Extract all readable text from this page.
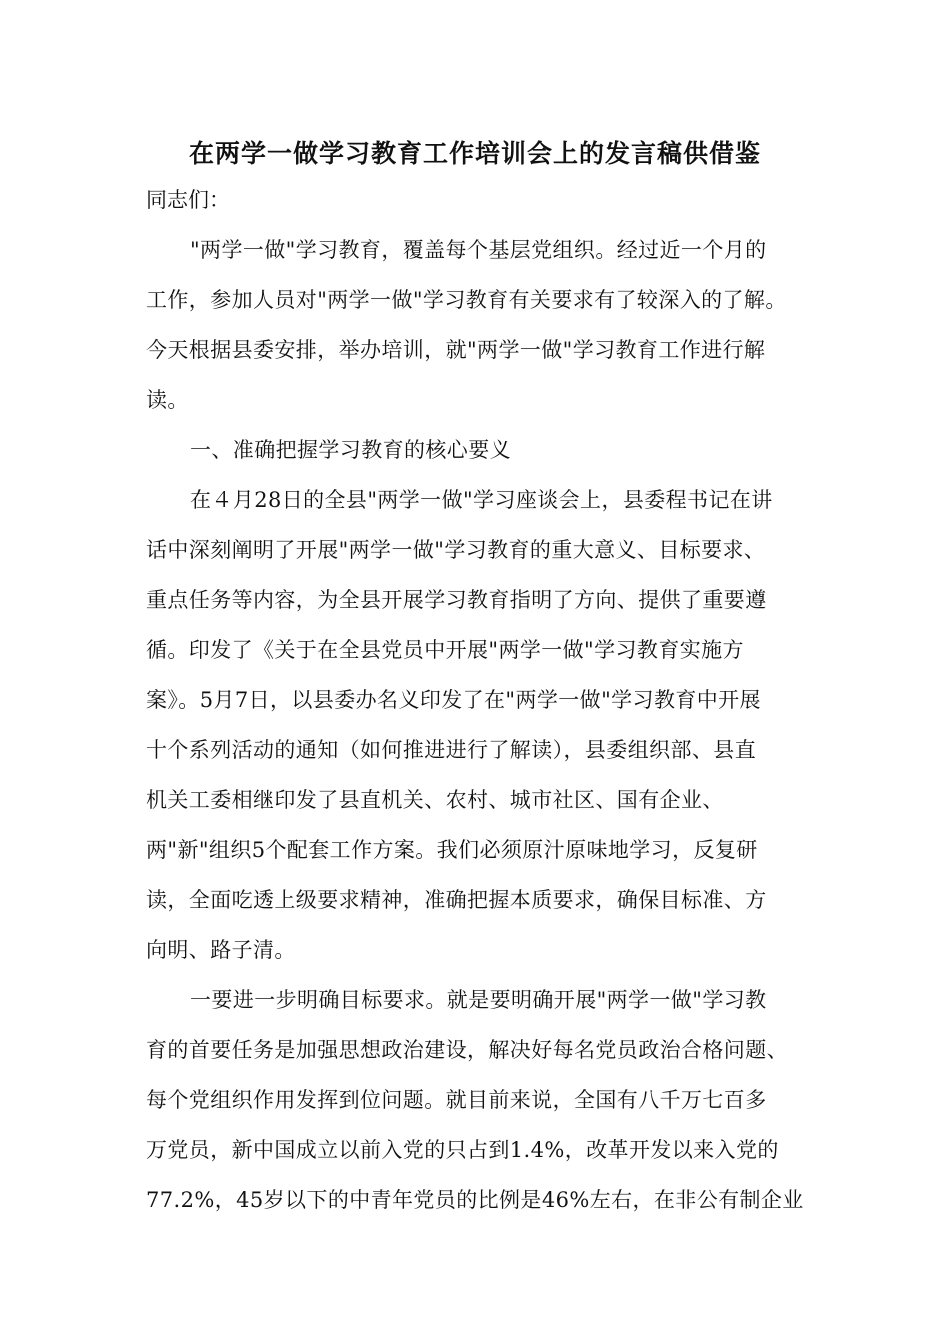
在两学一做学习教育工作培训会上的发言稿供借鉴
同志们：
"两学一做"学习教育，覆盖每个基层党组织。经过近一个月的
工作，参加人员对"两学一做"学习教育有关要求有了较深入的了解。
今天根据县委安排，举办培训，就"两学一做"学习教育工作进行解
读。
一、准确把握学习教育的核心要义
在４月28日的全县"两学一做"学习座谈会上，县委程书记在讲
话中深刻阐明了开展"两学一做"学习教育的重大意义、目标要求、
重点任务等内容，为全县开展学习教育指明了方向、提供了重要遵
循。印发了《关于在全县党员中开展"两学一做"学习教育实施方
案》。5月7日，以县委办名义印发了在"两学一做"学习教育中开展
十个系列活动的通知（如何推进进行了解读），县委组织部、县直
机关工委相继印发了县直机关、农村、城市社区、国有企业、
两"新"组织5个配套工作方案。我们必须原汁原味地学习，反复研
读，全面吃透上级要求精神，准确把握本质要求，确保目标准、方
向明、路子清。
一要进一步明确目标要求。就是要明确开展"两学一做"学习教
育的首要任务是加强思想政治建设，解决好每名党员政治合格问题、
每个党组织作用发挥到位问题。就目前来说，全国有八千万七百多
万党员，新中国成立以前入党的只占到1.4%，改革开发以来入党的
77.2%，45岁以下的中青年党员的比例是46%左右，在非公有制企业
